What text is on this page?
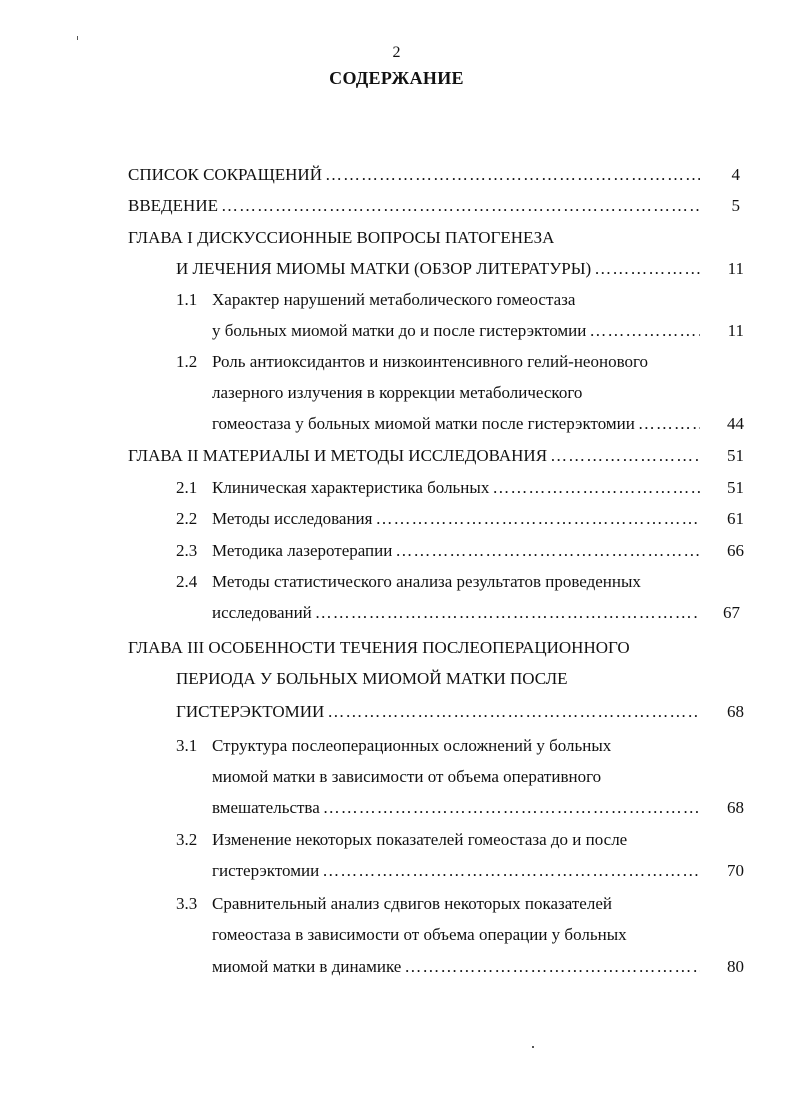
2
СОДЕРЖАНИЕ
СПИСОК СОКРАЩЕНИЙ …………………………………………………………………………………………………………………………………………………………………………………………………………	4
ВВЕДЕНИЕ …………………………………………………………………………………………………………………………………………………………………………………………………………	5
ГЛАВА I ДИСКУССИОННЫЕ ВОПРОСЫ ПАТОГЕНЕЗА
И ЛЕЧЕНИЯ МИОМЫ МАТКИ (ОБЗОР ЛИТЕРАТУРЫ) …………………………………………………………………………………………………………………………………………………………………………………………………………	11
1.1 Характер нарушений метаболического гомеостаза
у больных миомой матки до и после гистерэктомии …………………………………………………………………………………………………………………………………………………………………………………………………………	11
1.2 Роль антиоксидантов и низкоинтенсивного гелий-неонового
лазерного излучения в коррекции метаболического
гомеостаза у больных миомой матки после гистерэктомии …………………………………………………………………………………………………………………………………………………………………………………………………………	44
ГЛАВА II МАТЕРИАЛЫ И МЕТОДЫ ИССЛЕДОВАНИЯ …………………………………………………………………………………………………………………………………………………………………………………………………………	51
2.1 Клиническая характеристика больных …………………………………………………………………………………………………………………………………………………………………………………………………………	51
2.2 Методы исследования …………………………………………………………………………………………………………………………………………………………………………………………………………	61
2.3 Методика лазеротерапии …………………………………………………………………………………………………………………………………………………………………………………………………………	66
2.4 Методы статистического анализа результатов проведенных
исследований …………………………………………………………………………………………………………………………………………………………………………………………………………	67
ГЛАВА III ОСОБЕННОСТИ ТЕЧЕНИЯ ПОСЛЕОПЕРАЦИОННОГО
ПЕРИОДА У БОЛЬНЫХ МИОМОЙ МАТКИ ПОСЛЕ
ГИСТЕРЭКТОМИИ …………………………………………………………………………………………………………………………………………………………………………………………………………	68
3.1 Структура послеоперационных осложнений у больных
миомой матки в зависимости от объема оперативного
вмешательства …………………………………………………………………………………………………………………………………………………………………………………………………………	68
3.2 Изменение некоторых показателей гомеостаза до и после
гистерэктомии …………………………………………………………………………………………………………………………………………………………………………………………………………	70
3.3 Сравнительный анализ сдвигов некоторых показателей
гомеостаза в зависимости от объема операции у больных
миомой матки в динамике …………………………………………………………………………………………………………………………………………………………………………………………………………	80
